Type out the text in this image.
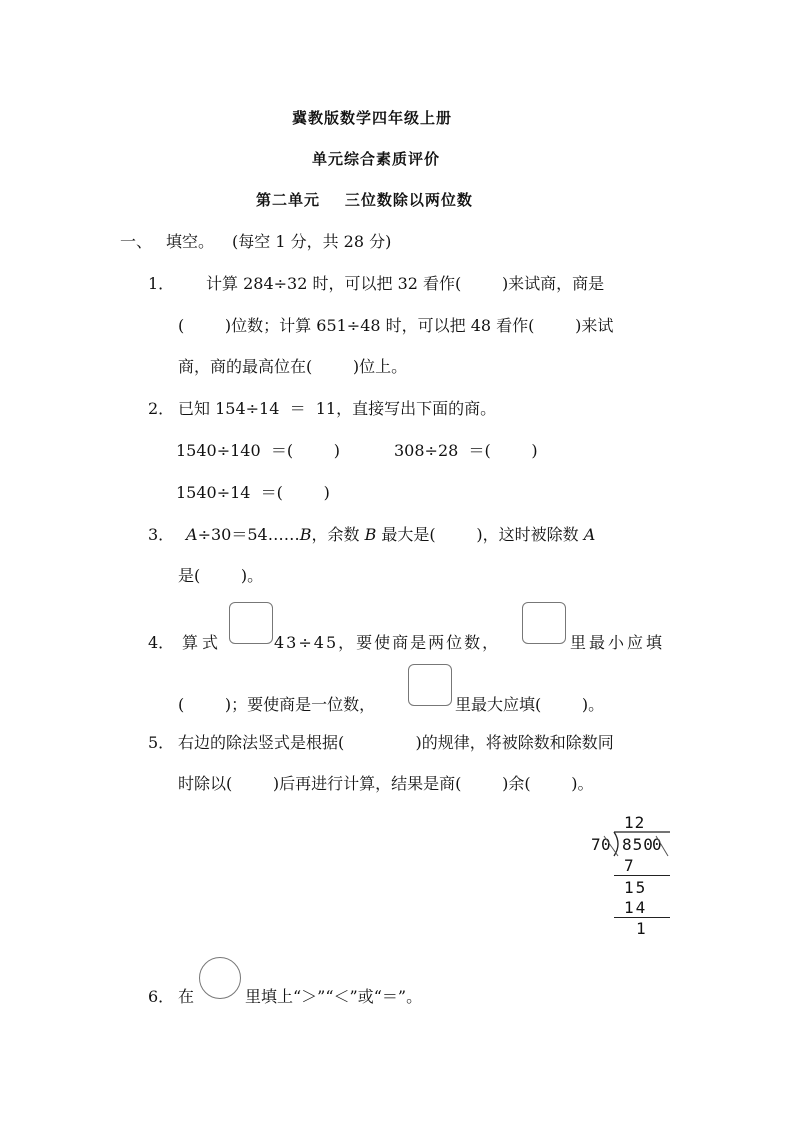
冀教版数学四年级上册
单元综合素质评价
第二单元    三位数除以两位数
一、 填空。 (每空 1 分，共 28 分)
1． 计算 284÷32 时，可以把 32 看作(        )来试商，商是
(        )位数；计算 651÷48 时，可以把 48 看作(        )来试
商，商的最高位在(        )位上。
2． 已知 154÷14  ＝  11，直接写出下面的商。
1540÷140  ＝(        )	308÷28  ＝(        )
1540÷14  ＝(        )
3． A÷30＝54……B，余数 B 最大是(        )，这时被除数 A
是(        )。
4． 算式	43÷45，要使商是两位数，	里最小应填
(        )；要使商是一位数，	里最大应填(        )。
5． 右边的除法竖式是根据(              )的规律，将被除数和除数同
时除以(        )后再进行计算，结果是商(        )余(        )。
12
7 0 850
0
7
15
14
1
6． 在	里填上“＞”“＜”或“＝”。
